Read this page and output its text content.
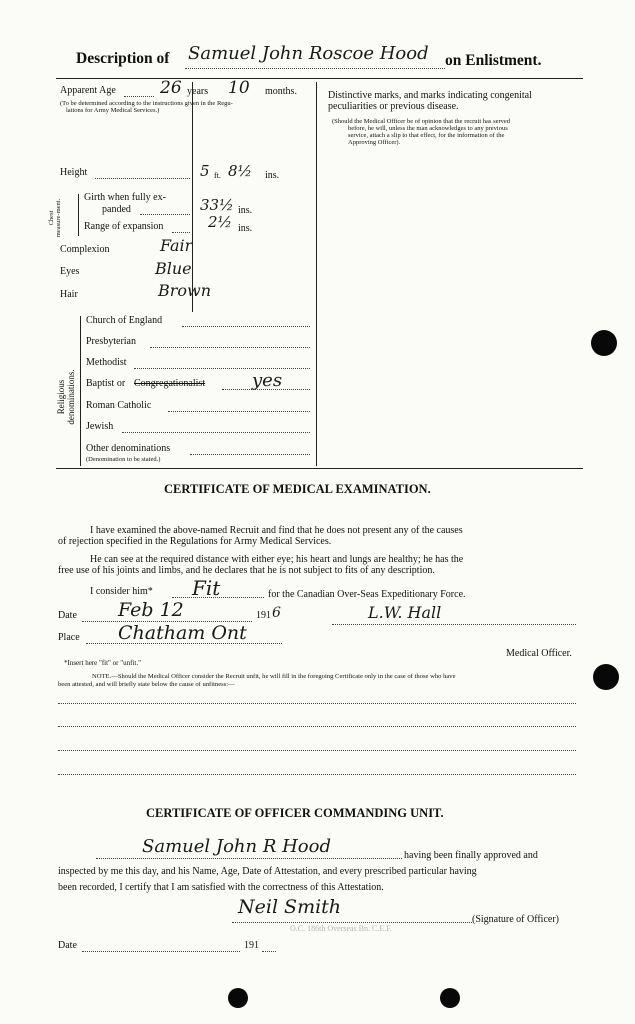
Description of Samuel John Roscoe Hood on Enlistment.
Apparent Age	26 years 10 months.
(To be determined according to the instructions given in the Regu-
lations for Army Medical Services.)
Height	5 ft. 8½ ins.
Chest measure-ment.
Girth when fully ex-
panded	33½ ins.
Range of expansion	2½ ins.
Complexion	Fair
Eyes	Blue
Hair	Brown
Religious denominations.
Church of England
Presbyterian
Methodist
Baptist or Congregationalist	yes
Roman Catholic
Jewish
Other denominations
(Denomination to be stated.)
Distinctive marks, and marks indicating congenital
peculiarities or previous disease.
(Should the Medical Officer be of opinion that the recruit has served
before, he will, unless the man acknowledges to any previous
service, attach a slip to that effect, for the information of the
Approving Officer).
CERTIFICATE OF MEDICAL EXAMINATION.
I have examined the above-named Recruit and find that he does not present any of the causes
of rejection specified in the Regulations for Army Medical Services.
He can see at the required distance with either eye; his heart and lungs are healthy; he has the
free use of his joints and limbs, and he declares that he is not subject to fits of any description.
I consider him* Fit	for the Canadian Over-Seas Expeditionary Force.
Date Feb 12	191 6	L.W. Hall
Place Chatham Ont
Medical Officer.
*Insert here "fit" or "unfit."
NOTE.—Should the Medical Officer consider the Recruit unfit, he will fill in the foregoing Certificate only in the case of those who have
been attested, and will briefly state below the cause of unfitness:—
CERTIFICATE OF OFFICER COMMANDING UNIT.
Samuel John R Hood	having been finally approved and
inspected by me this day, and his Name, Age, Date of Attestation, and every prescribed particular having
been recorded, I certify that I am satisfied with the correctness of this Attestation.
Neil Smith
O.C. 186th Overseas Bn. C.E.F.
(Signature of Officer)
Date	191
